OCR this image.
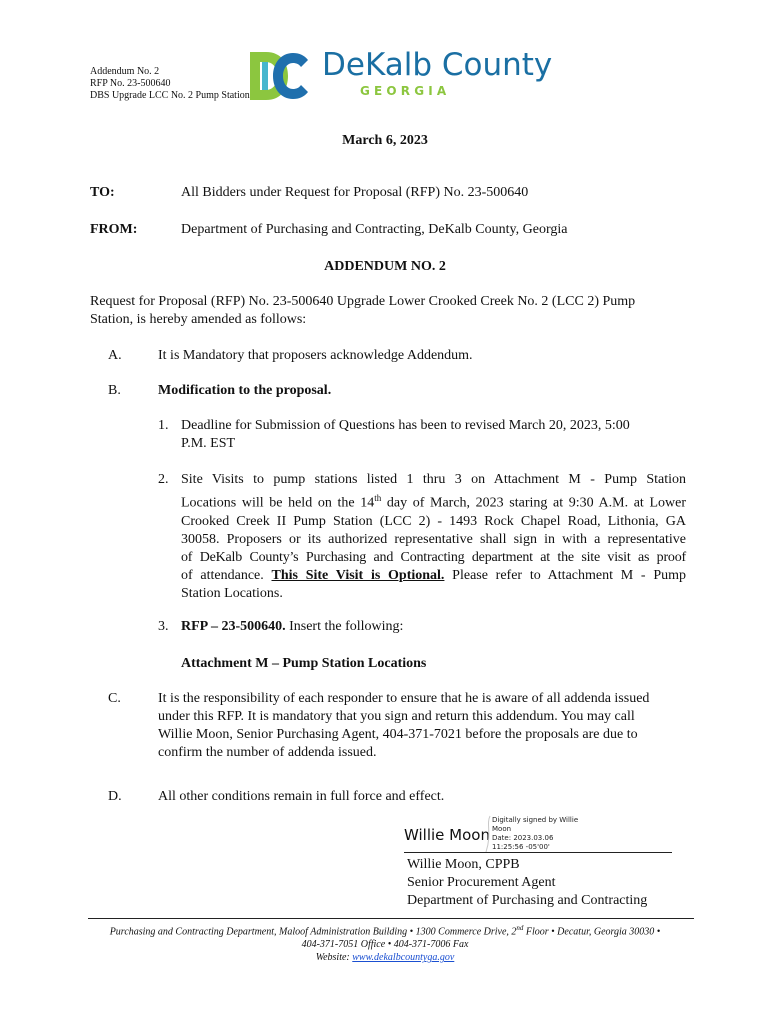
Addendum No. 2
RFP No. 23-500640
DBS Upgrade LCC No. 2 Pump Station
DeKalb County
G E O R G I A
March 6, 2023
TO:	All Bidders under Request for Proposal (RFP) No. 23-500640
FROM:	Department of Purchasing and Contracting, DeKalb County, Georgia
ADDENDUM NO. 2
Request for Proposal (RFP) No. 23-500640 Upgrade Lower Crooked Creek No. 2 (LCC 2) Pump
Station, is hereby amended as follows:
A.	It is Mandatory that proposers acknowledge Addendum.
B.	Modification to the proposal.
1. Deadline for Submission of Questions has been to revised March 20, 2023, 5:00
P.M. EST
2. Site Visits to pump stations listed 1 thru 3 on Attachment M - Pump Station
Locations will be held on the 14th day of March, 2023 staring at 9:30 A.M. at Lower
Crooked Creek II Pump Station (LCC 2) - 1493 Rock Chapel Road, Lithonia, GA
30058. Proposers or its authorized representative shall sign in with a representative
of DeKalb County’s Purchasing and Contracting department at the site visit as proof
of attendance. This Site Visit is Optional. Please refer to Attachment M - Pump
Station Locations.
3. RFP – 23-500640. Insert the following:
Attachment M – Pump Station Locations
C.	It is the responsibility of each responder to ensure that he is aware of all addenda issued
under this RFP. It is mandatory that you sign and return this addendum. You may call
Willie Moon, Senior Purchasing Agent, 404-371-7021 before the proposals are due to
confirm the number of addenda issued.
D.	All other conditions remain in full force and effect.
Willie Moon
Digitally signed by Willie
Moon
Date: 2023.03.06
11:25:56 -05'00'
Willie Moon, CPPB
Senior Procurement Agent
Department of Purchasing and Contracting
Purchasing and Contracting Department, Maloof Administration Building • 1300 Commerce Drive, 2nd Floor • Decatur, Georgia 30030 •
404-371-7051 Office • 404-371-7006 Fax
Website: www.dekalbcountyga.gov
